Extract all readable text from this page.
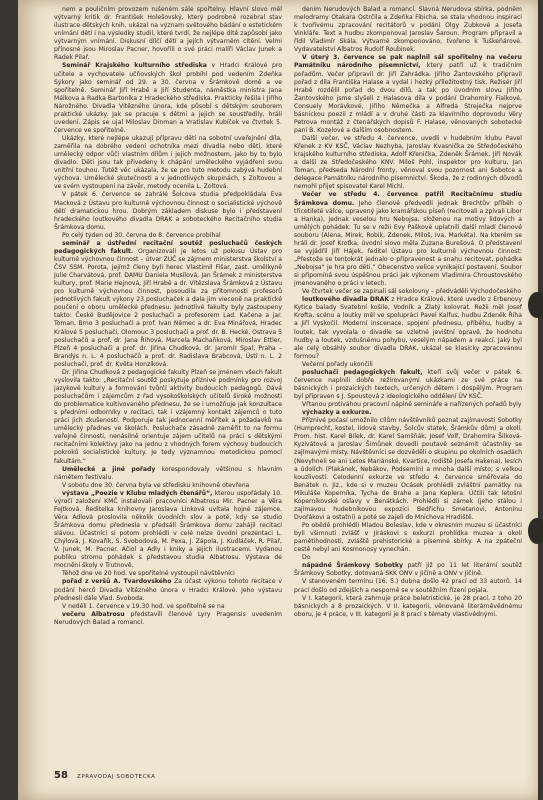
nem a pouličním provozem rušeném sále spořtelny. Hlavní slovo měl výtvarný kritik dr. František Holešovský, který podrobně rozebral stav ilustrace dětských knih, ukázal na význam světového bádání o estetickém vnímání dětí i na výsledky studií, které tvrdí, že nejlépe dítě zapůsobí jako výtvarným vnímání. Diskusní dílčí dětí a jejích výtvarném cítění. Velmi přínosné jsou Miroslav Pacner, hovořili o své práci malíři Václav Junek a Radek Pilař.

Seminář Krajského kulturního střediska v Hradci Králové pro učitele a vychovatele učňovských škol probíhl pod vedením Zdeňka Sýkory jako seminář od 29. a 30. června v Šrámkově domě a ve spořitelně. Seminář Jiří Hrabě a Jiří Studenta, náměstka ministra Jana Málkova a Radka Bartoníka z Hradeckého střediska. Prakticky řešila i Jiřího Nárožného. Divadla Vítězného února, kde působí s dětským souborem praktické ukázky. Jak se pracuje s dětmi a jejich se soustředily, hráli uvedení. Zápis se ujal Miloslav Dinman a Vratislav Kubíček ve čtvrtek 5. července ve spořitelně.

Ukázky, které nejlépe ukazují přípravu dětí na sobotní uveřejnění díla, zaměřila na dobrého vedení ochotníka mezi divadla nebo dětí, které umělecký odpor vůči vlastním dílům i jejich možnostem, jako by to bylo divadlo. Děti jsou tak přivedeny k chápání uměleckého vyjádření svou vnitřní touhou. Tutéž věc ukázala, že se pro tuto metodu zabývá hudební výchova. Umělecké skutečnosti a v jednotlivých skupinách, s Zoltovou a ve svém vystoupení na závěr, metody ocenila L. Zoltová.

V pátek 6. července se zahrálé Šolcova studia předpokládala Eva Macková z Ústavu pro kulturně výchovnou činnost o socialistické výchově dětí dramatickou hrou. Dobrým základem diskuse bylo i představení hradeckého loutkového divadla DRAK a soboteckého Recitačního studia Šrámkova domu.

Po celý týden od 30. června do 8. července probíhal

seminář a ústřední recitační soutěž posluchačů českých pedagogických fakult. Organizovali je letos už pokusu Ústav pro kulturně výchovnou činnost – útvar ZUČ se zájmem ministerstva školství a ČSV SSM. Porota, jejímž členy byli herec Vlastimil Fišar, zast. umělkyně Julie Charvátová, prof. DAMU Daniela Musílová, Jan Šrámek z ministerstva kultury, prof. Marie Hejnová, Jiří Hrabě a dr. Vítězslava Šrámková z Ústavu pro kulturně výchovnou činnost, posoudila za přítomnosti profesorů jednotlivých fakult výkony 23 posluchaček a dala jim vieceně na praktické poučení o oboru umělecké přednesu. Jednotlivé fakulty byly zastoupeny takto: České Budějovice 2 posluchači a profesorem Lad. Kačena a jar. Toman, Brno 3 posluchači a prof. Ivan Němec a dr. Eva Minářová, Hradec Králové 5 posluchači, Olomouc 3 posluchači a prof. dr. B. Hecké, Ostrava 5 posluchačů a prof. dr. Jana Říhová, Marcela Machaňková, Miroslav Ettler, Plzeň 4 posluchači a prof. dr. Jiřina Chudková, dr. Jaromír Spal, Praha – Brandýs n. L. 4 posluchačů a prof. dr. Radislava Brabcová, Ústí n. L. 2 posluchači, prof. dr. Květa Honzíková.

Dr. Jiřina Chudková z pedagogické fakulty Plzeň se jménem všech fakult vyslovila takto: „Recitační soutěž poskytuje příznivé podmínky pro rozvoj jazykové kultury a formování tvůrčí aktivity budoucích pedagogů. Dává posluchačům i zájemcům z řad vysokoškolských učitelů široké možnosti do problematice kultivovaného přednesu, že se i umožňuje jak konzultace s předními odborníky v recitaci, tak i vzájemný kontakt zájemců o tuto práci jich zkušeností. Podporuje tak jednocenní měřítek a požadavků na umělecký přednes ve školách. Posluchače zásadně zaměřit to na formu veřejné činnosti, nenásilně orientuje zájem učitelů na práci s dětskými recitačními kolektivy jako na jednu z vhodných forem výchovy budoucích pokroků socialistické kultury. Je tedy významnou metodickou pomocí fakultám.“

Umělecké a jiné pořady korespondovaly většinou s hlavním námětem festivalu.

V sobotu dne 30. června byla ve středisku knihovně otevřena

výstava „Poezie v Klubu mladých čtenářů“, kterou uspořádaly 10. výročí založení KMČ instalovali pracovníci Albatrosu Mir. Pacner a Věra Fejtková. Ředitelka knihovny Jaroslava Linková uvítala hojné zájemce. Věra Adlová proslovila několik úvodních slov a poté, kdy se studio Šrámkova domu přednesla v předsálí Šrámkova domu zahájil recitací slávou. Účastníci si potom prohlédli v celé nelze úvodní prezentaci L. Chýlová, J. Kovařík, S. Svobodová, M. Pexa, J. Zápola, J. Kudláček, R. Pilař, V. Junek, M. Pacner. Ačiol a Adly i kniky a jejich ilustracemi. Vydanou publiku stromu pohádek s představou studia Albatrosu. Výstava de mocnění školy v Trutnově.

Téhož dne ve 20 hod. ve spořitelně vystoupil návštěvníci

pořad z veršů A. Tvardovského Za účast výkonu tohoto recitace v podání herců Divadla Vítězného února v Hradci Králové. Jeho výstavu přednesli dále Vlad. Svoboda.

V neděli 1. července v 19.30 hod. ve spořitelně se na

večeru Albatrosu představili členové Lyry Pragensis uvedením Nerudových Balad a romancí.

denim Nerudových Balad a romancí. Slavná Nerudova sbírka, podněm melodramy Otakara Ostrčila a Zdeňka Fibicha, se stala vhodnou inspirací k tvořivému zpracování recitátorů v podání Olgy Zubkové a Josefa Vinkláře. Text a hudbu zkomponoval Jaroslav Šaroun. Program připravil a řídil Vladimír Skála. Výtvarné zkomponováno, tvořeno k Tuškeňárové. Vydavatelství Albatros Rudolf Roubinek.

V úterý 3. července se pak naplnil sál spořitelny na večeru Památníku národního písemnictví, který patří už k tradičním pořadům. Večer připravil dr. Jiří Zahrádka. Jiřího Žantovského připravil pořad z díla Františka Halase a vydal i hezký příležitostný tisk. Režisér Jiří Hrabě rozdělil pořad do dvou dílů, a tak po úvodním slovu Jiřího Žantovského jsme slyšeli z Halasova díla v podání Drahomíry Fialkové, Consuely Morávkové, Jiřího Němečka a Alfreda Streječka nejprve básnickou poezii z mládí a v druhé části za klavírního doprovodu Věry Petrova montáž z čtenářských dopisů F. Halase, věnovaných sobotecké paní B. Kozelové a dalším osobnostem.

Další večer, ve středu 4. července, uvedli v hudebním klubu Pavel Křenek z KV KSČ, Václav Nezhyba, Jaroslav Kvasnička ze Středočeského krajského kulturního střediska, Adolf Křenička, Zdeněk Šrámek, Jiří Novák a další ze Středočeského KNV. Miloš Pohl, inspektor pro kulturu, Jan Toman, předseda Národní fronty, věnoval svou pozornost ani Sobotce a delegace Památníku národního písemnictví. Škoda, že z rodinných důvodů nemohl přijet spisovatel Karel Michl.

Večer ve středu 4. července patřil Recitačnímu studiu Šrámkova domu. Jeho členové předvedli jednak Brechtův příběh o třicetileté válce, upravený jako kramářskou píseň (recitovali a zpívali Libor a Hanka), jednak veselou hru Nebojsa, složenou na motivy lidových a umělých pohádek. Tu se v režii Evy Paškové uplatnili další mladí členové souboru (Alena, Mirek, Robik, Zdenek, Miloš, Iva, Markéta). Na kterém se hráli dr. Josef Kroťka, úvodní slovo měla Zuzana Burešová. O představení se vyjádřil Jiří Hájek, ředitel Ústavu pro kulturně výchovnou činnost: „Přestože se tentokrát jednalo o připravenost a snahu recitovat, pohádka „Nebojsa“ je hra pro děti.“ Obecenstvo velice vynikající postavení. Soubor si připomíná svou úspěšnou práci jak výkonem Vladimíra Chroustovského jmenovaného o práci v letech.

Ve čtvrtek večer se zapínali sál sokolovny – předváděli Východočeského

loutkového divadla DRAK z Hradce Králové, které uvedlo z Erbenovy Kytice balady Svatební košile, Vodník a Zlatý kolovrat. Režii měl Josef Krofta, scénu a loutky měl ve spolupráci Pavel Kalfus, hudbu Zdeněk Říha a Jiří Vyskočil. Moderní inscenace, spojení přednesu, příběhu, hudby a loutek, tak vyvolala o divadle se vzletné jevištní opravě, že hodnotu hudby a loutek, vzdušnému pohybu, veselým nápadem a reakcí. Jaký byl ale celý obsáhlý soubor divadla DRAK, ukázal se klasicky zpracovanou formou?

Večerní pořady ukončili

posluchači pedagogických fakult, kteří svůj večer v pátek 6. července naplnili dobře režírovanými ukázkami ze své práce na básnických i prozaických textech, určených dětem i dospělým. Program byl připraven s J. Spoustová z ideologického oddělení ÚV KSČ.

Vřtanou protiváhou pracovní náplně semináře a nařízených pořadů byly

výchazky a exkurze.

Příznivé počasí umožnilo cílům návštěvníků poznat zajímavosti Sobotky (Humprecht, kostel, lidové stavby, Šolcův statek, Šrámkův dům) a okolí. Prom. hist. Karel Bílek, dr. Karel Samšňák, Josef Volf, Drahomíra Šilková-Kyzivátová a Jaroslav Šimůnek dovedli poutavě seznámit účastníky se zajímavými místy. Návštěvníci se dozvěděli o skupinu po okolních osadách (Nevyhneli se ani Letos Mariánské, Kvartice, rodiště Josefa Hakena), lesích a údolích (Plakánek, Nebákov, Podsemín) a mnoha další místo; s velkou kouzlivostí. Celodenní exkurze ve středu 4. července směřovala do Benátek n. Jiz., kde si v muzeu Ocásek prohlédli zvláštní památky na Mikuláše Koperníka, Tycha de Brahe a Jana Keplera. Účtili tak letošní Koperníkovské oslavy v Benátkách. Prohlédli si zámek (jeho stálou i zajímavou hudebníkovou expozici Bedřichu Smetanovi, Antonínu Dvořákovi a ostatní) a poté se zajeli do Mnichova Hradiště.

Po obědě prohlédli Mladou Boleslav, kde v okresním muzeu si účastníci byli všimnuti zvlášť v Jiráskovi s exkurzi prohlídka muzea a okolí pamětihodnosti, zvláště prehistorické a písemné sbírky. A na zpáteční cestě nebyl ani Kosmonosy vynechán.

Do

nápadné Šrámkovy Sobotky patří již po 11 let literární soutěž Šrámkovy Sobotky, dotovaná SKK ONV v Jičíně a ONV v Jičíně.

V stanoveném termínu (16. 5.) dubna došlo 42 prací od 33 autorů. 14 prací došlo od zdejšich a nesporně se v soutěžním řízení pojala.

V I. kategorii, která zahrnuje práce beletristické, je 28 prací, z toho 20 básnických a 8 prozaických. V II. kategorii, věnované literárněvědnému oboru, je 4 práce, v III. kategorii je 8 prací s tématy vlastivědnými.

58 ZPRAVODAJ SOBOTECKA
